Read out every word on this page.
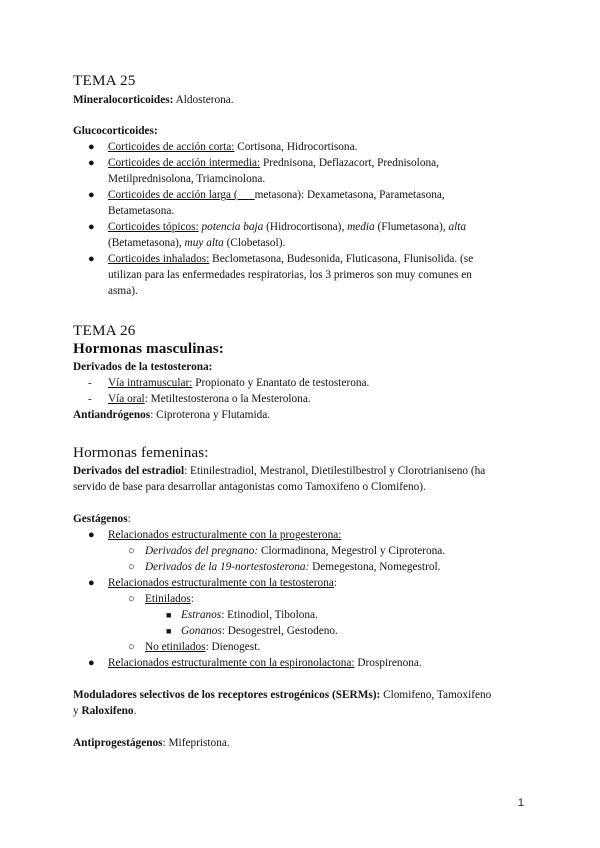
TEMA 25
Mineralocorticoides: Aldosterona.
Glucocorticoides:
● Corticoides de acción corta: Cortisona, Hidrocortisona.
● Corticoides de acción intermedia: Prednisona, Deflazacort, Prednisolona,
Metilprednisolona, Triamcinolona.
● Corticoides de acción larga (___metasona): Dexametasona, Parametasona,
Betametasona.
● Corticoides tópicos: potencia baja (Hidrocortisona), media (Flumetasona), alta
(Betametasona), muy alta (Clobetasol).
● Corticoides inhalados: Beclometasona, Budesonida, Fluticasona, Flunisolida. (se
utilizan para las enfermedades respiratorias, los 3 primeros son muy comunes en
asma).
TEMA 26
Hormonas masculinas:
Derivados de la testosterona:
- Vía intramuscular: Propionato y Enantato de testosterona.
- Vía oral: Metiltestosterona o la Mesterolona.
Antiandrógenos: Ciproterona y Flutamida.
Hormonas femeninas:
Derivados del estradiol: Etinilestradiol, Mestranol, Dietilestilbestrol y Clorotrianiseno (ha
servido de base para desarrollar antagonistas como Tamoxifeno o Clomifeno).
Gestágenos:
● Relacionados estructuralmente con la progesterona:
○ Derivados del pregnano: Clormadinona, Megestrol y Ciproterona.
○ Derivados de la 19-nortestosterona: Demegestona, Nomegestrol.
● Relacionados estructuralmente con la testosterona:
○ Etinilados:
■ Estranos: Etinodiol, Tibolona.
■ Gonanos: Desogestrel, Gestodeno.
○ No etinilados: Dienogest.
● Relacionados estructuralmente con la espironolactona: Drospirenona.
Moduladores selectivos de los receptores estrogénicos (SERMs): Clomifeno, Tamoxifeno
y Raloxifeno.
Antiprogestágenos: Mifepristona.
1
